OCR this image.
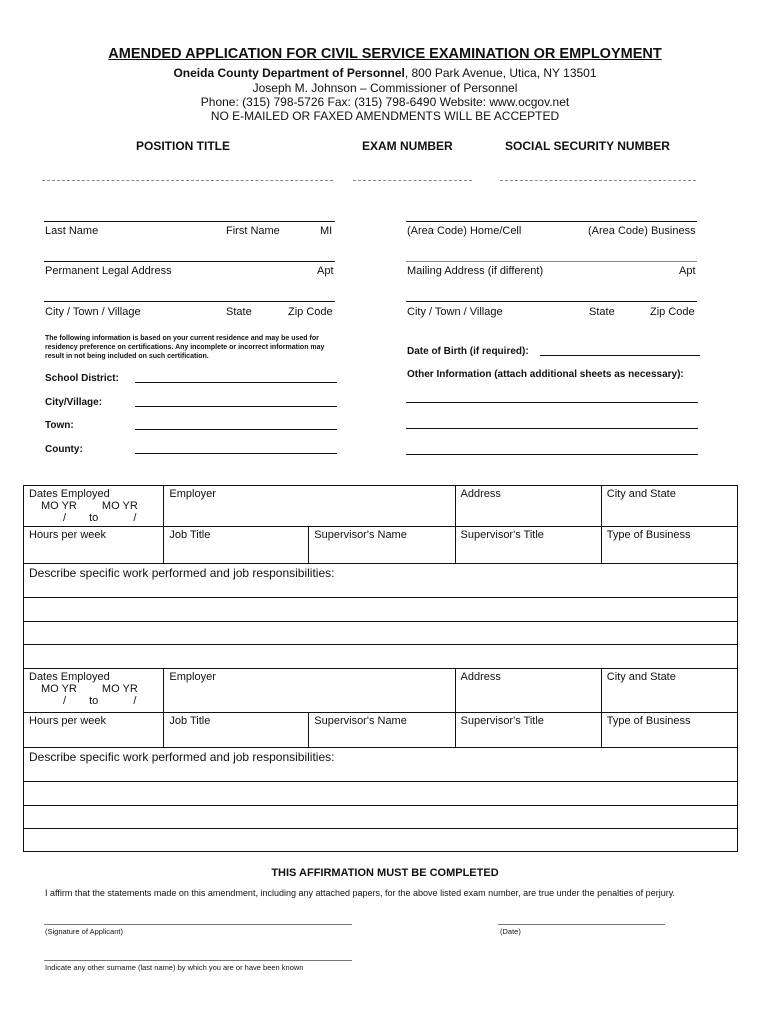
AMENDED APPLICATION FOR CIVIL SERVICE EXAMINATION OR EMPLOYMENT
Oneida County Department of Personnel, 800 Park Avenue, Utica, NY 13501
Joseph M. Johnson – Commissioner of Personnel
Phone: (315) 798-5726 Fax: (315) 798-6490 Website: www.ocgov.net
NO E-MAILED OR FAXED AMENDMENTS WILL BE ACCEPTED
POSITION TITLE	EXAM NUMBER	SOCIAL SECURITY NUMBER
Last Name	First Name	MI
Permanent Legal Address	Apt
City / Town / Village	State	Zip Code
(Area Code) Home/Cell	(Area Code) Business
Mailing Address (if different)	Apt
City / Town / Village	State	Zip Code
The following information is based on your current residence and may be used for residency preference on certifications. Any incomplete or incorrect information may result in not being included on such certification.
School District:
City/Village:
Town:
County:
Date of Birth (if required):
Other Information (attach additional sheets as necessary):
Dates Employed
MO YR MO YR
/ to /	Employer		Address	City and State
Hours per week	Job Title	Supervisor's Name	Supervisor's Title	Type of Business
Describe specific work performed and job responsibilities:				

Dates Employed
MO YR MO YR
/ to /	Employer		Address	City and State
Hours per week	Job Title	Supervisor's Name	Supervisor's Title	Type of Business
Describe specific work performed and job responsibilities:				

THIS AFFIRMATION MUST BE COMPLETED
I affirm that the statements made on this amendment, including any attached papers, for the above listed exam number, are true under the penalties of perjury.
(Signature of Applicant)	(Date)
Indicate any other surname (last name) by which you are or have been known
